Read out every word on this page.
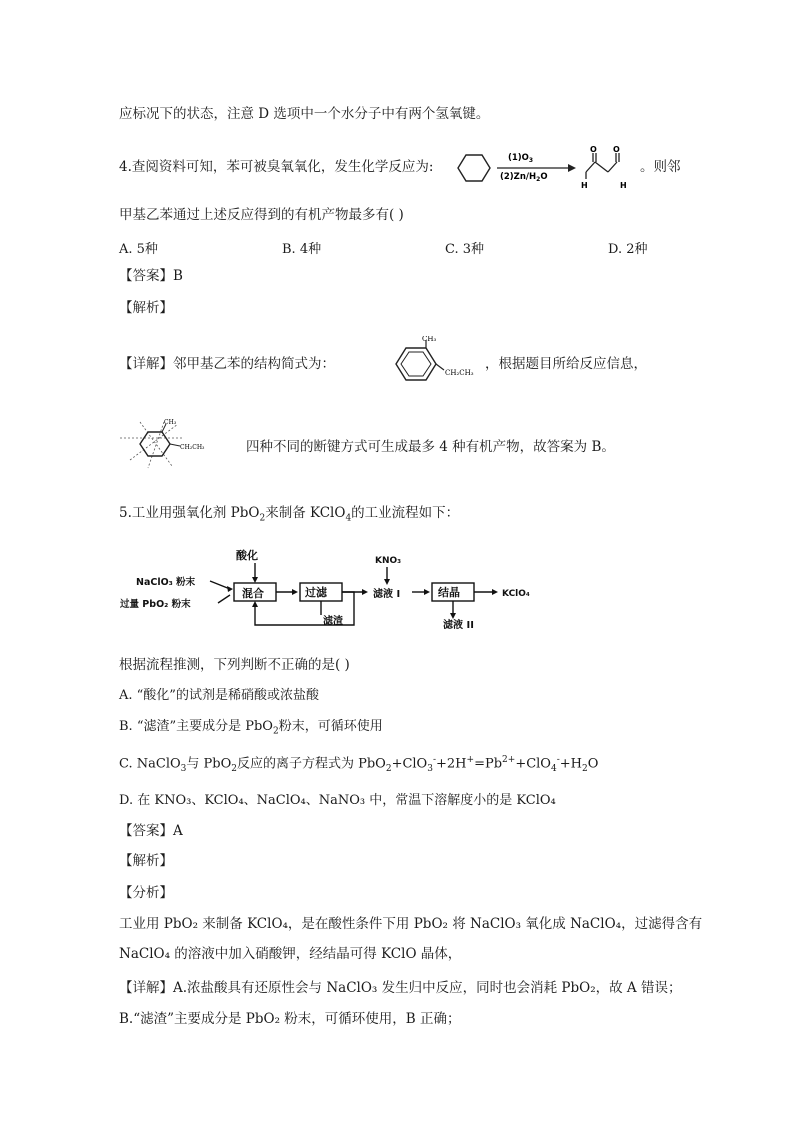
应标况下的状态，注意 D 选项中一个水分子中有两个氢氧键。
4.查阅资料可知，苯可被臭氧氧化，发生化学反应为:
$(1)O_3$
$(2)Zn/H_2O$
O O
H	H
。则邻
甲基乙苯通过上述反应得到的有机产物最多有( )
A. 5种	B. 4种	C. 3种	D. 2种
【答案】B
【解析】
【详解】邻甲基乙苯的结构简式为：
CH₃
CH₂CH₃
，根据题目所给反应信息，
CH₃
CH₂CH₃	四种不同的断键方式可生成最多 4 种有机产物，故答案为 B。
5.工业用强氧化剂 PbO$_2$来制备 KClO$_4$的工业流程如下：
酸化
NaClO₃ 粉末
过量 PbO₂ 粉末
混合	过滤
滤渣
KNO₃
滤液 I	结晶	KClO₄
滤液 II
根据流程推测，下列判断不正确的是( )
A. “酸化”的试剂是稀硝酸或浓盐酸
B. “滤渣”主要成分是 PbO$_2$粉末，可循环使用
C. NaClO$_3$与 PbO$_2$反应的离子方程式为 $PbO_2+ClO_3^-+2H^+=Pb^{2+}+ClO_4^-+H_2O$
D. 在 KNO₃、KClO₄、NaClO₄、NaNO₃ 中，常温下溶解度小的是 KClO₄
【答案】A
【解析】
【分析】
工业用 PbO₂ 来制备 KClO₄，是在酸性条件下用 PbO₂ 将 NaClO₃ 氧化成 NaClO₄，过滤得含有
NaClO₄ 的溶液中加入硝酸钾，经结晶可得 KClO 晶体，
【详解】A.浓盐酸具有还原性会与 NaClO₃ 发生归中反应，同时也会消耗 PbO₂，故 A 错误；
B.“滤渣”主要成分是 PbO₂ 粉末，可循环使用，B 正确；
